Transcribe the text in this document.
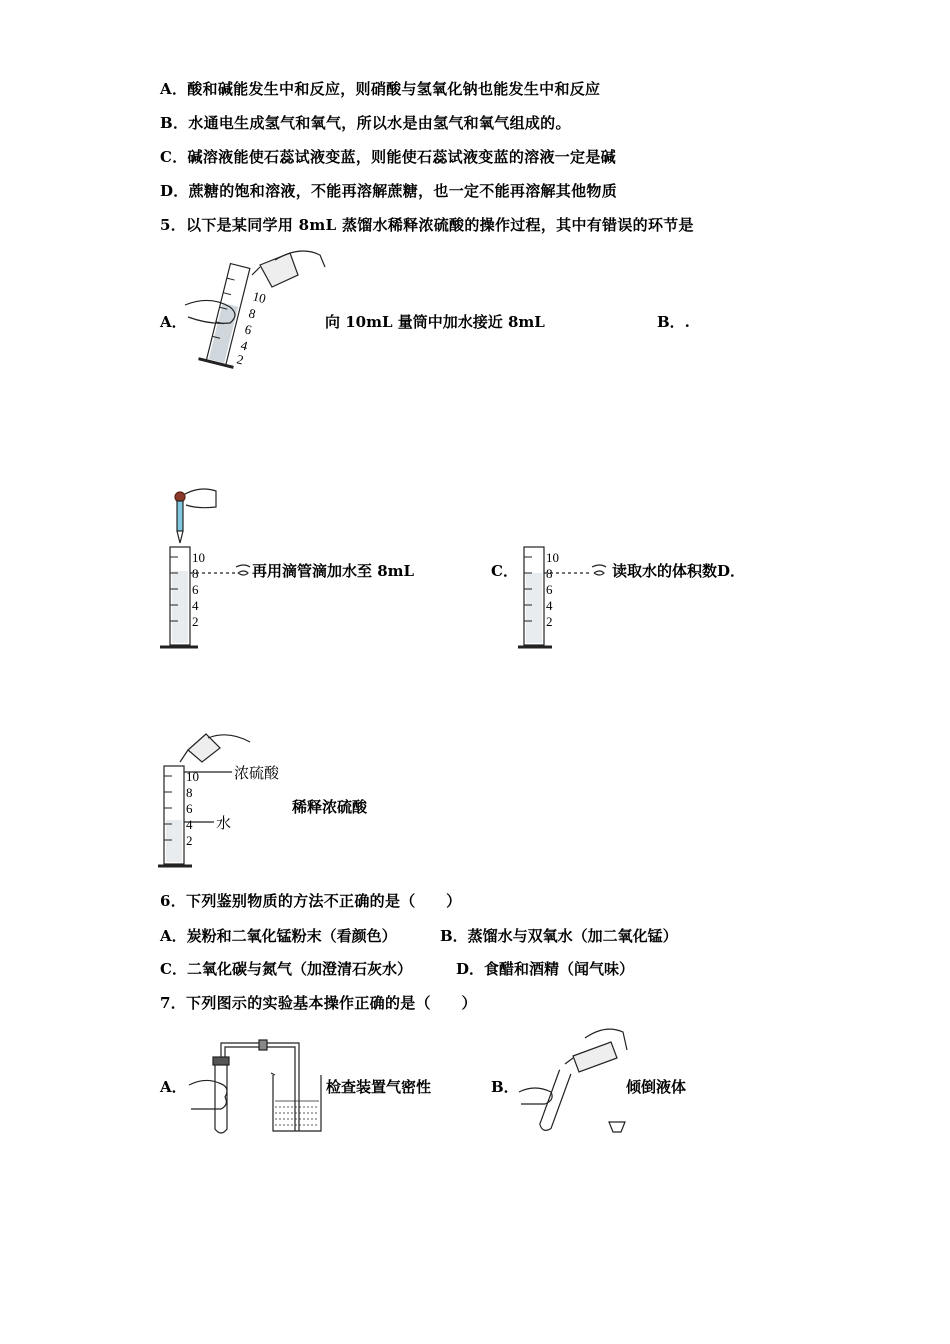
A．酸和碱能发生中和反应，则硝酸与氢氧化钠也能发生中和反应
B．水通电生成氢气和氧气，所以水是由氢气和氧气组成的。
C．碱溶液能使石蕊试液变蓝，则能使石蕊试液变蓝的溶液一定是碱
D．蔗糖的饱和溶液，不能再溶解蔗糖，也一定不能再溶解其他物质
5．以下是某同学用 8mL 蒸馏水稀释浓硫酸的操作过程，其中有错误的环节是
A．
10
8
6
4
2
向 10mL 量筒中加水接近 8mL	B．.
10
8
6
4
2
再用滴管滴加水至 8mL	C．
10
8
6
4
2
读取水的体积数D．
10
8
6
4
2
浓硫酸
水
稀释浓硫酸
6．下列鉴别物质的方法不正确的是（　　）
A．炭粉和二氧化锰粉末（看颜色）	B．蒸馏水与双氧水（加二氧化锰）
C．二氧化碳与氮气（加澄清石灰水）	D．食醋和酒精（闻气味）
7．下列图示的实验基本操作正确的是（　　）
A．	检查装置气密性	B．	倾倒液体
